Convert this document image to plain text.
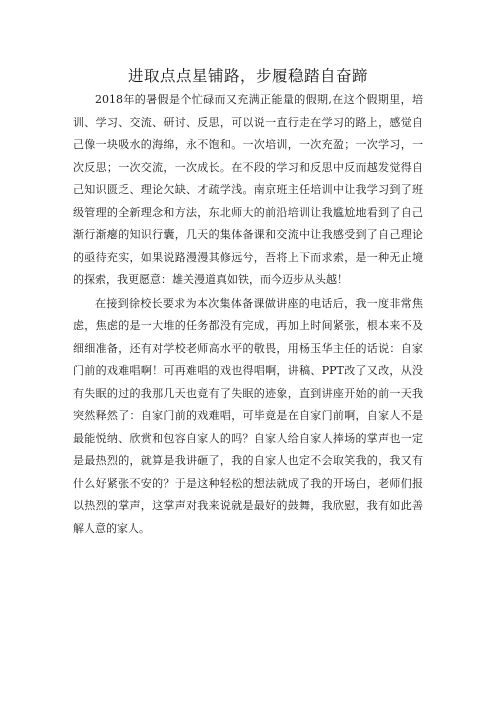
进取点点星铺路，步履稳踏自奋蹄

2018年的暑假是个忙碌而又充满正能量的假期,在这个假期里，培训、学习、交流、研讨、反思，可以说一直行走在学习的路上，感觉自己像一块吸水的海绵，永不饱和。一次培训，一次充盈；一次学习，一次反思；一次交流，一次成长。在不段的学习和反思中反而越发觉得自己知识匮乏、理论欠缺、才疏学浅。南京班主任培训中让我学习到了班级管理的全新理念和方法，东北师大的前沿培训让我尴尬地看到了自己渐行渐瘪的知识行囊，几天的集体备课和交流中让我感受到了自己理论的亟待充实，如果说路漫漫其修远兮，吾将上下而求索，是一种无止境的探索，我更愿意：雄关漫道真如铁，而今迈步从头越！

在接到徐校长要求为本次集体备课做讲座的电话后，我一度非常焦虑，焦虑的是一大堆的任务都没有完成，再加上时间紧张，根本来不及细细准备，还有对学校老师高水平的敬畏，用杨玉华主任的话说：自家门前的戏难唱啊！可再难唱的戏也得唱啊，讲稿、PPT改了又改，从没有失眠的过的我那几天也竟有了失眠的迹象，直到讲座开始的前一天我突然释然了：自家门前的戏难唱，可毕竟是在自家门前啊，自家人不是最能悦纳、欣赏和包容自家人的吗？自家人给自家人捧场的掌声也一定是最热烈的，就算是我讲砸了，我的自家人也定不会取笑我的，我又有什么好紧张不安的？于是这种轻松的想法就成了我的开场白，老师们报以热烈的掌声，这掌声对我来说就是最好的鼓舞，我欣慰，我有如此善解人意的家人。
